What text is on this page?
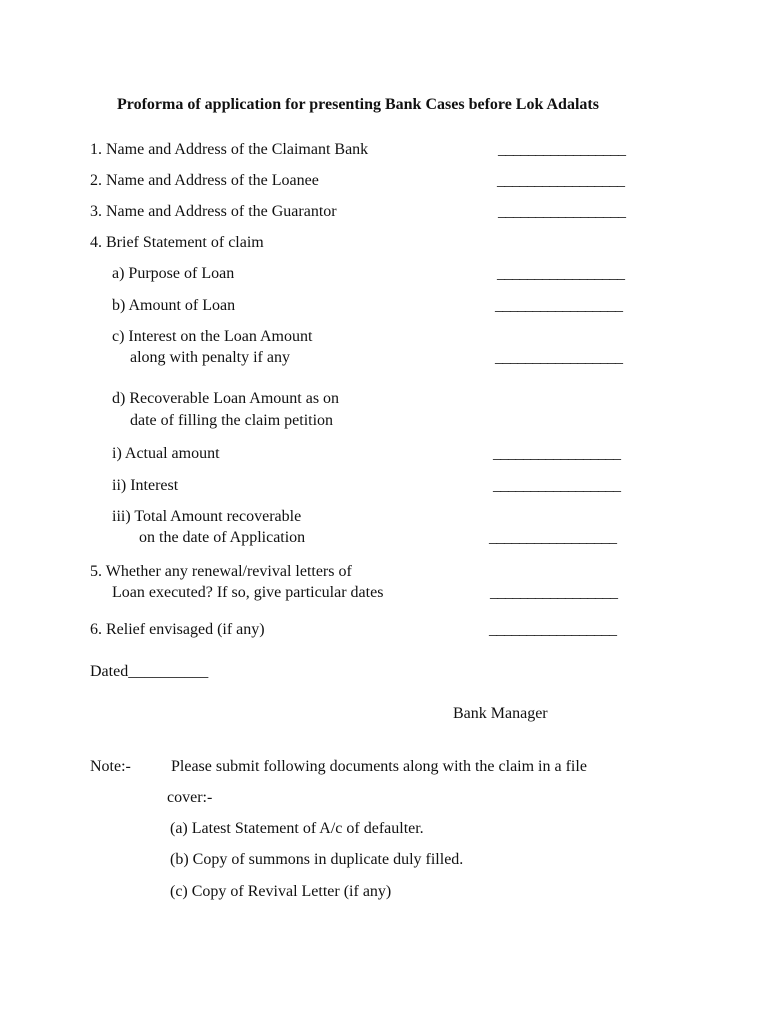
Proforma of application for presenting Bank Cases before Lok Adalats
1. Name and Address of the Claimant Bank	_________________
2. Name and Address of the Loanee	_________________
3. Name and Address of the Guarantor	_________________
4. Brief Statement of claim
a) Purpose of Loan	_________________
b) Amount of Loan	_________________
c) Interest on the Loan Amount
along with penalty if any	_________________
d) Recoverable Loan Amount as on
date of filling the claim petition
i) Actual amount	_________________
ii) Interest	_________________
iii) Total Amount recoverable
on the date of Application	_________________
5. Whether any renewal/revival letters of
Loan executed? If so, give particular dates	_________________
6. Relief envisaged (if any)	_________________
Dated__________
Bank Manager
Note:-	Please submit following documents along with the claim in a file
cover:-
(a) Latest Statement of A/c of defaulter.
(b) Copy of summons in duplicate duly filled.
(c) Copy of Revival Letter (if any)
